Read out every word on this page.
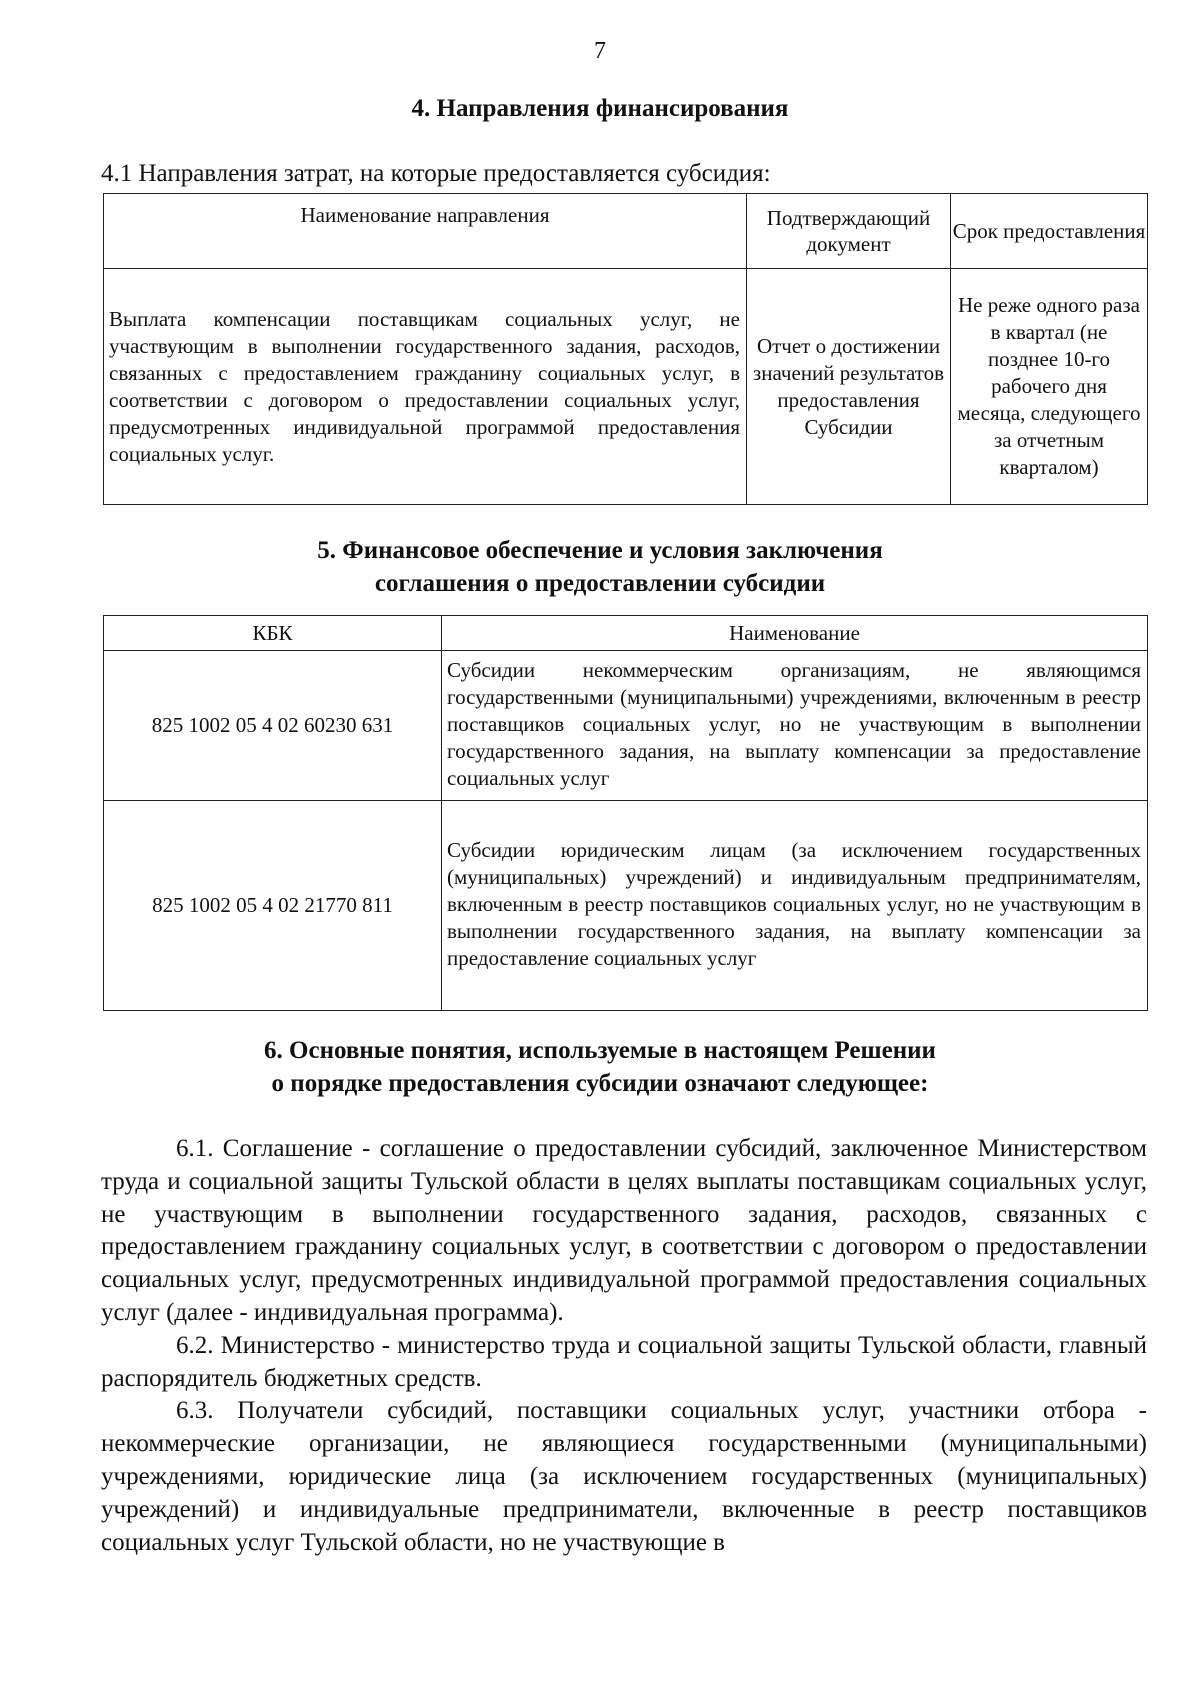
7
4. Направления финансирования
4.1 Направления затрат, на которые предоставляется субсидия:
Наименование направления	Подтверждающий документ	Срок предоставления
Выплата компенсации поставщикам социальных услуг, не участвующим в выполнении государственного задания, расходов, связанных с предоставлением гражданину социальных услуг, в соответствии с договором о предоставлении социальных услуг, предусмотренных индивидуальной программой предоставления социальных услуг.	Отчет о достижении значений результатов предоставления Субсидии	Не реже одного раза в квартал (не позднее 10-го рабочего дня месяца, следующего за отчетным кварталом)
5. Финансовое обеспечение и условия заключения
соглашения о предоставлении субсидии
КБК	Наименование
825 1002 05 4 02 60230 631	Субсидии некоммерческим организациям, не являющимся государственными (муниципальными) учреждениями, включенным в реестр поставщиков социальных услуг, но не участвующим в выполнении государственного задания, на выплату компенсации за предоставление социальных услуг
825 1002 05 4 02 21770 811	Субсидии юридическим лицам (за исключением государственных (муниципальных) учреждений) и индивидуальным предпринимателям, включенным в реестр поставщиков социальных услуг, но не участвующим в выполнении государственного задания, на выплату компенсации за предоставление социальных услуг
6. Основные понятия, используемые в настоящем Решении
о порядке предоставления субсидии означают следующее:

6.1. Соглашение - соглашение о предоставлении субсидий, заключенное Министерством труда и социальной защиты Тульской области в целях выплаты поставщикам социальных услуг, не участвующим в выполнении государственного задания, расходов, связанных с предоставлением гражданину социальных услуг, в соответствии с договором о предоставлении социальных услуг, предусмотренных индивидуальной программой предоставления социальных услуг (далее - индивидуальная программа).

6.2. Министерство - министерство труда и социальной защиты Тульской области, главный распорядитель бюджетных средств.

6.3. Получатели субсидий, поставщики социальных услуг, участники отбора - некоммерческие организации, не являющиеся государственными (муниципальными) учреждениями, юридические лица (за исключением государственных (муниципальных) учреждений) и индивидуальные предприниматели, включенные в реестр поставщиков социальных услуг Тульской области, но не участвующие в
